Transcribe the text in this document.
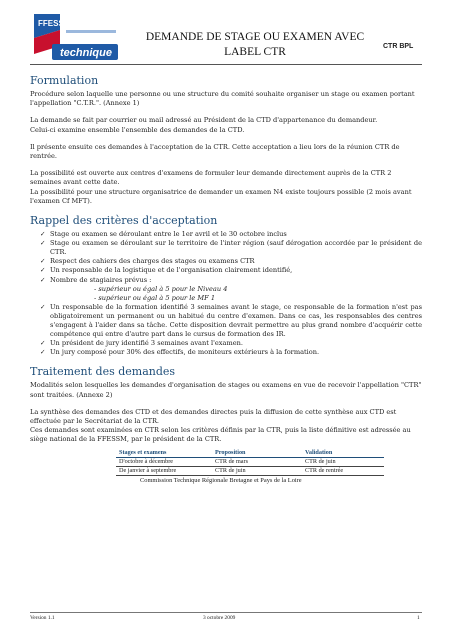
FFESSM
technique
DEMANDE DE STAGE OU EXAMEN AVEC
LABEL CTR	CTR BPL
Formulation

Procédure selon laquelle une personne ou une structure du comité souhaite organiser un stage ou examen portant l'appellation "C.T.R.". (Annexe 1)

La demande se fait par courrier ou mail adressé au Président de la CTD d'appartenance du demandeur.

Celui-ci examine ensemble l'ensemble des demandes de la CTD.

Il présente ensuite ces demandes à l'acceptation de la CTR. Cette acceptation a lieu lors de la réunion CTR de rentrée.

La possibilité est ouverte aux centres d'examens de formuler leur demande directement auprès de la CTR 2 semaines avant cette date.

La possibilité pour une structure organisatrice de demander un examen N4 existe toujours possible (2 mois avant l'examen Cf MFT).

Rappel des critères d'acceptation
✓ Stage ou examen se déroulant entre le 1er avril et le 30 octobre inclus
✓ Stage ou examen se déroulant sur le territoire de l'inter région (sauf dérogation accordée par le président de CTR.
✓ Respect des cahiers des charges des stages ou examens CTR
✓ Un responsable de la logistique et de l'organisation clairement identifié,
✓ Nombre de stagiaires prévus :
- supérieur ou égal à 5 pour le Niveau 4
- supérieur ou égal à 5 pour le MF 1
✓ Un responsable de la formation identifié 3 semaines avant le stage, ce responsable de la formation n'est pas obligatoirement un permanent ou un habitué du centre d'examen. Dans ce cas, les responsables des centres s'engagent à l'aider dans sa tâche. Cette disposition devrait permettre au plus grand nombre d'acquérir cette compétence qui entre d'autre part dans le cursus de formation des IR.
✓ Un président de jury identifié 3 semaines avant l'examen.
✓ Un jury composé pour 30% des effectifs, de moniteurs extérieurs à la formation.
Traitement des demandes

Modalités selon lesquelles les demandes d'organisation de stages ou examens en vue de recevoir l'appellation "CTR" sont traitées. (Annexe 2)

La synthèse des demandes des CTD et des demandes directes puis la diffusion de cette synthèse aux CTD est effectuée par le Secrétariat de la CTR.

Ces demandes sont examinées en CTR selon les critères définis par la CTR, puis la liste définitive est adressée au siège national de la FFESSM, par le président de la CTR.

Stages et examens	Proposition	Validation
D'octobre à décembre	CTR de mars	CTR de juin
De janvier à septembre	CTR de juin	CTR de rentrée
Commission Technique Régionale Bretagne et Pays de la Loire
Version 1.1	3 octobre 2009	1
